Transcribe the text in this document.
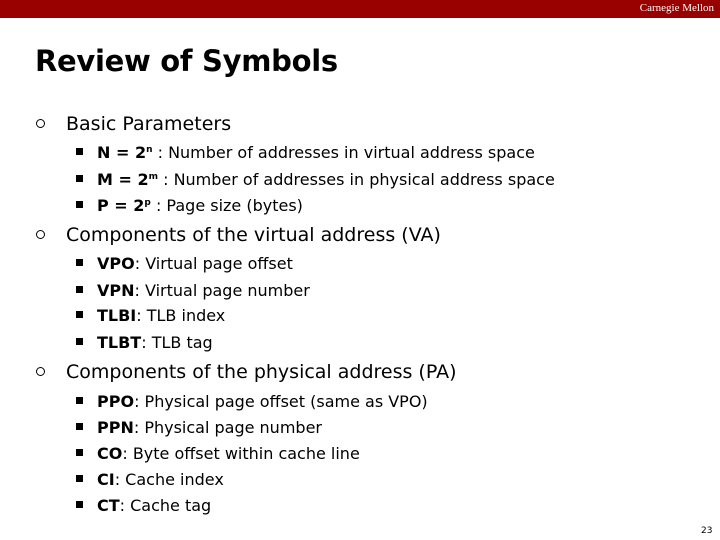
Carnegie Mellon
Review of Symbols
Basic Parameters
$N = 2^n$ : Number of addresses in virtual address space
$M = 2^m$ : Number of addresses in physical address space
$P = 2^p$ : Page size (bytes)
Components of the virtual address (VA)
VPO: Virtual page offset
VPN: Virtual page number
TLBI: TLB index
TLBT: TLB tag
Components of the physical address (PA)
PPO: Physical page offset (same as VPO)
PPN: Physical page number
CO: Byte offset within cache line
CI: Cache index
CT: Cache tag
23
